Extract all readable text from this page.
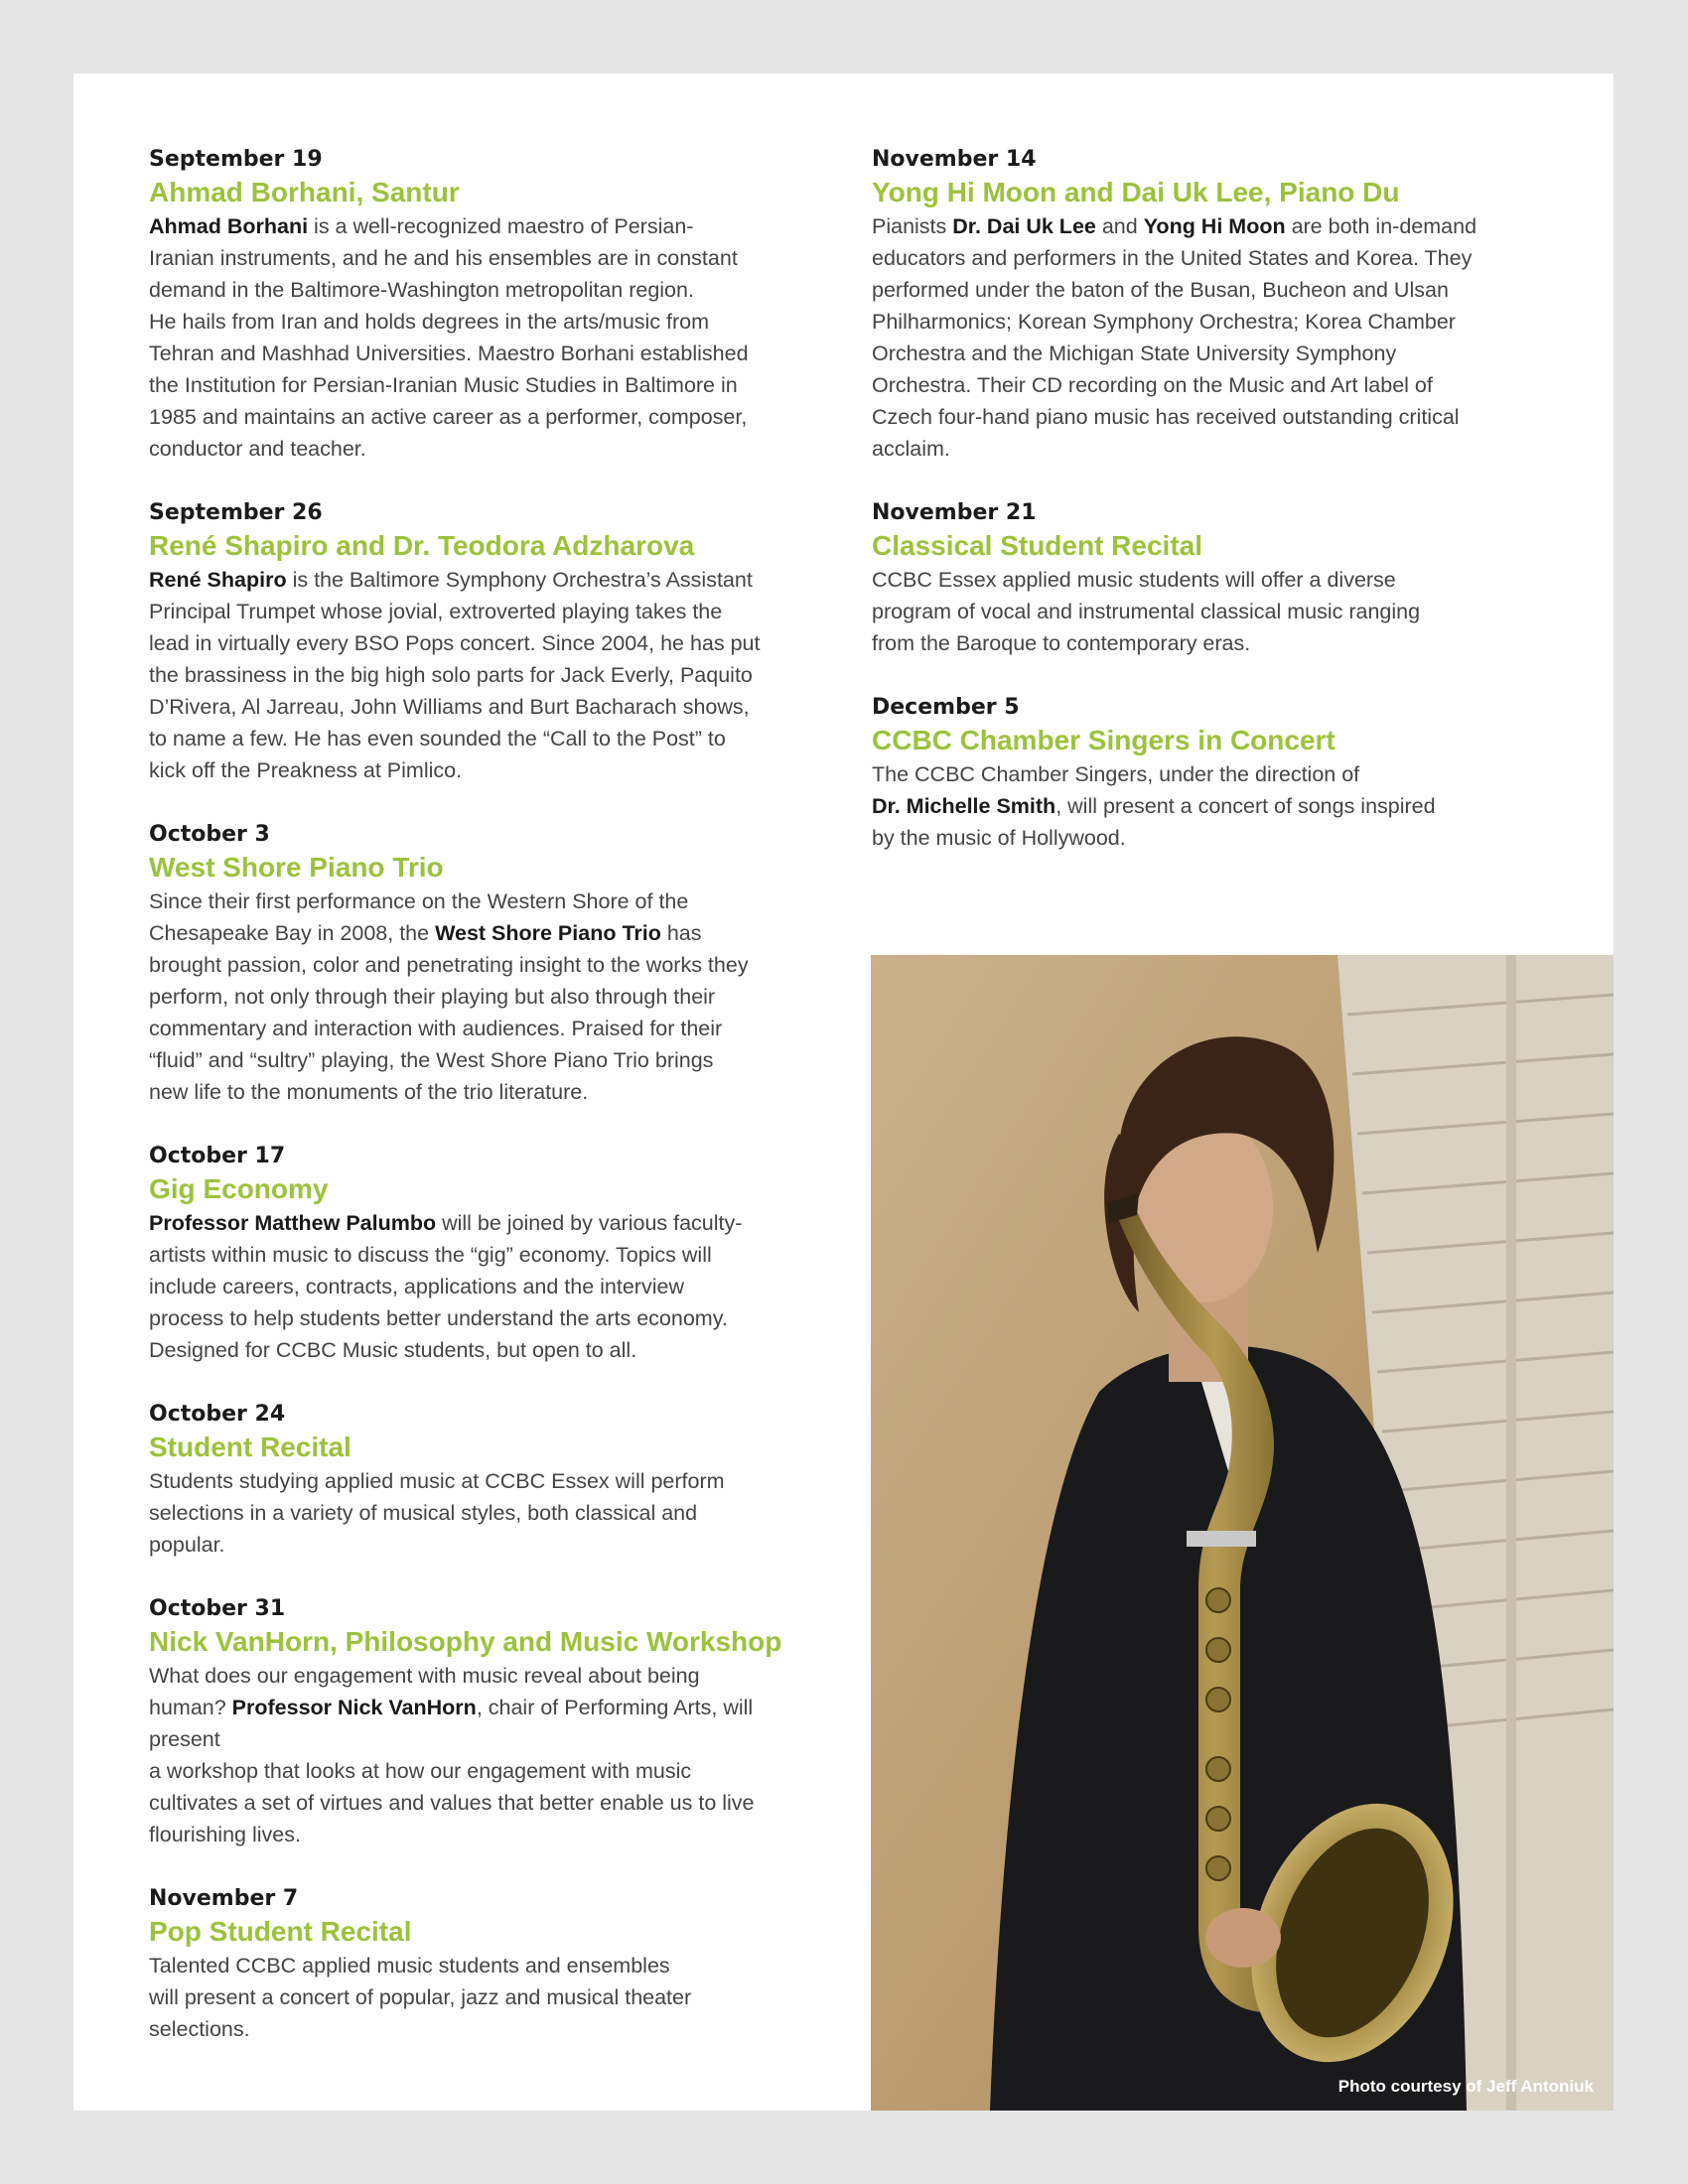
September 19

Ahmad Borhani, Santur

Ahmad Borhani is a well-recognized maestro of Persian-
Iranian instruments, and he and his ensembles are in constant
demand in the Baltimore-Washington metropolitan region.
He hails from Iran and holds degrees in the arts/music from
Tehran and Mashhad Universities. Maestro Borhani established
the Institution for Persian-Iranian Music Studies in Baltimore in
1985 and maintains an active career as a performer, composer,
conductor and teacher.

September 26

René Shapiro and Dr. Teodora Adzharova

René Shapiro is the Baltimore Symphony Orchestra’s Assistant
Principal Trumpet whose jovial, extroverted playing takes the
lead in virtually every BSO Pops concert. Since 2004, he has put
the brassiness in the big high solo parts for Jack Everly, Paquito
D’Rivera, Al Jarreau, John Williams and Burt Bacharach shows,
to name a few. He has even sounded the “Call to the Post” to
kick off the Preakness at Pimlico.

October 3

West Shore Piano Trio

Since their first performance on the Western Shore of the
Chesapeake Bay in 2008, the West Shore Piano Trio has
brought passion, color and penetrating insight to the works they
perform, not only through their playing but also through their
commentary and interaction with audiences. Praised for their
“fluid” and “sultry” playing, the West Shore Piano Trio brings
new life to the monuments of the trio literature.

October 17

Gig Economy

Professor Matthew Palumbo will be joined by various faculty-
artists within music to discuss the “gig” economy. Topics will
include careers, contracts, applications and the interview
process to help students better understand the arts economy.
Designed for CCBC Music students, but open to all.

October 24

Student Recital

Students studying applied music at CCBC Essex will perform
selections in a variety of musical styles, both classical and
popular.

October 31

Nick VanHorn, Philosophy and Music Workshop

What does our engagement with music reveal about being
human? Professor Nick VanHorn, chair of Performing Arts, will
present
a workshop that looks at how our engagement with music
cultivates a set of virtues and values that better enable us to live
flourishing lives.

November 7

Pop Student Recital

Talented CCBC applied music students and ensembles
will present a concert of popular, jazz and musical theater
selections.

November 14

Yong Hi Moon and Dai Uk Lee, Piano Du

Pianists Dr. Dai Uk Lee and Yong Hi Moon are both in-demand
educators and performers in the United States and Korea. They
performed under the baton of the Busan, Bucheon and Ulsan
Philharmonics; Korean Symphony Orchestra; Korea Chamber
Orchestra and the Michigan State University Symphony
Orchestra. Their CD recording on the Music and Art label of
Czech four-hand piano music has received outstanding critical
acclaim.

November 21

Classical Student Recital

CCBC Essex applied music students will offer a diverse
program of vocal and instrumental classical music ranging
from the Baroque to contemporary eras.

December 5

CCBC Chamber Singers in Concert

The CCBC Chamber Singers, under the direction of
Dr. Michelle Smith, will present a concert of songs inspired
by the music of Hollywood.

Photo courtesy of Jeff Antoniuk
